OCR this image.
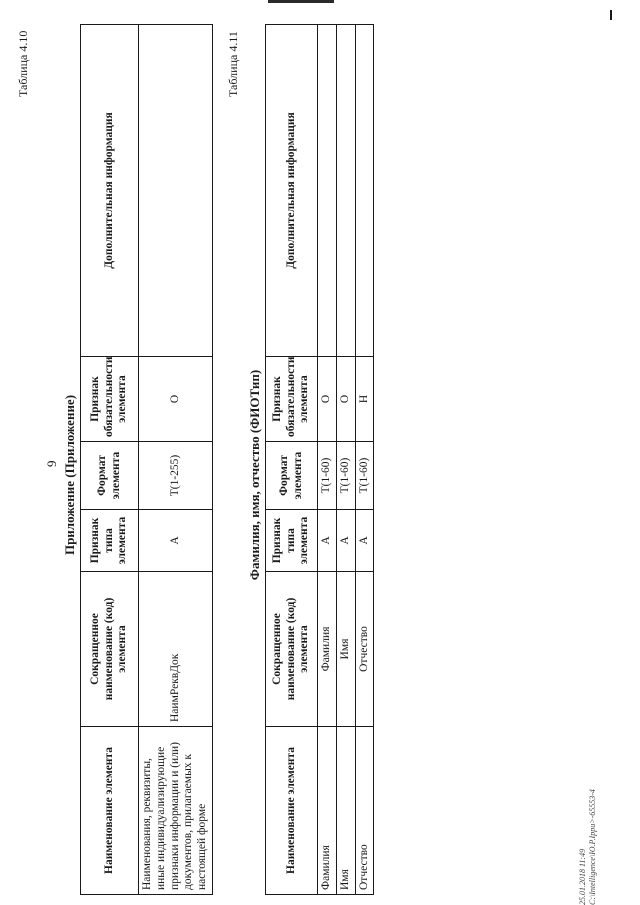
9
Таблица 4.10
Приложение (Приложение)
Наименование элемента	Сокращенное наименование (код) элемента	Признак типа элемента	Формат элемента	Признак обязательности элемента	Дополнительная информация
Наименования, реквизиты, иные индивидуализирующие признаки информации и (или) документов, прилагаемых к настоящей форме	НаимРеквДок	А	T(1-255)	О	
Таблица 4.11
Фамилия, имя, отчество (ФИОТип)
Наименование элемента	Сокращенное наименование (код) элемента	Признак типа элемента	Формат элемента	Признак обязательности элемента	Дополнительная информация
Фамилия	Фамилия	А	T(1-60)	О	
Имя	Имя	А	T(1-60)	О	
Отчество	Отчество	А	T(1-60)	Н	
25.01.2018 11:49 C:\Intelligence\Ю.Р.Ippu>-65553-4
